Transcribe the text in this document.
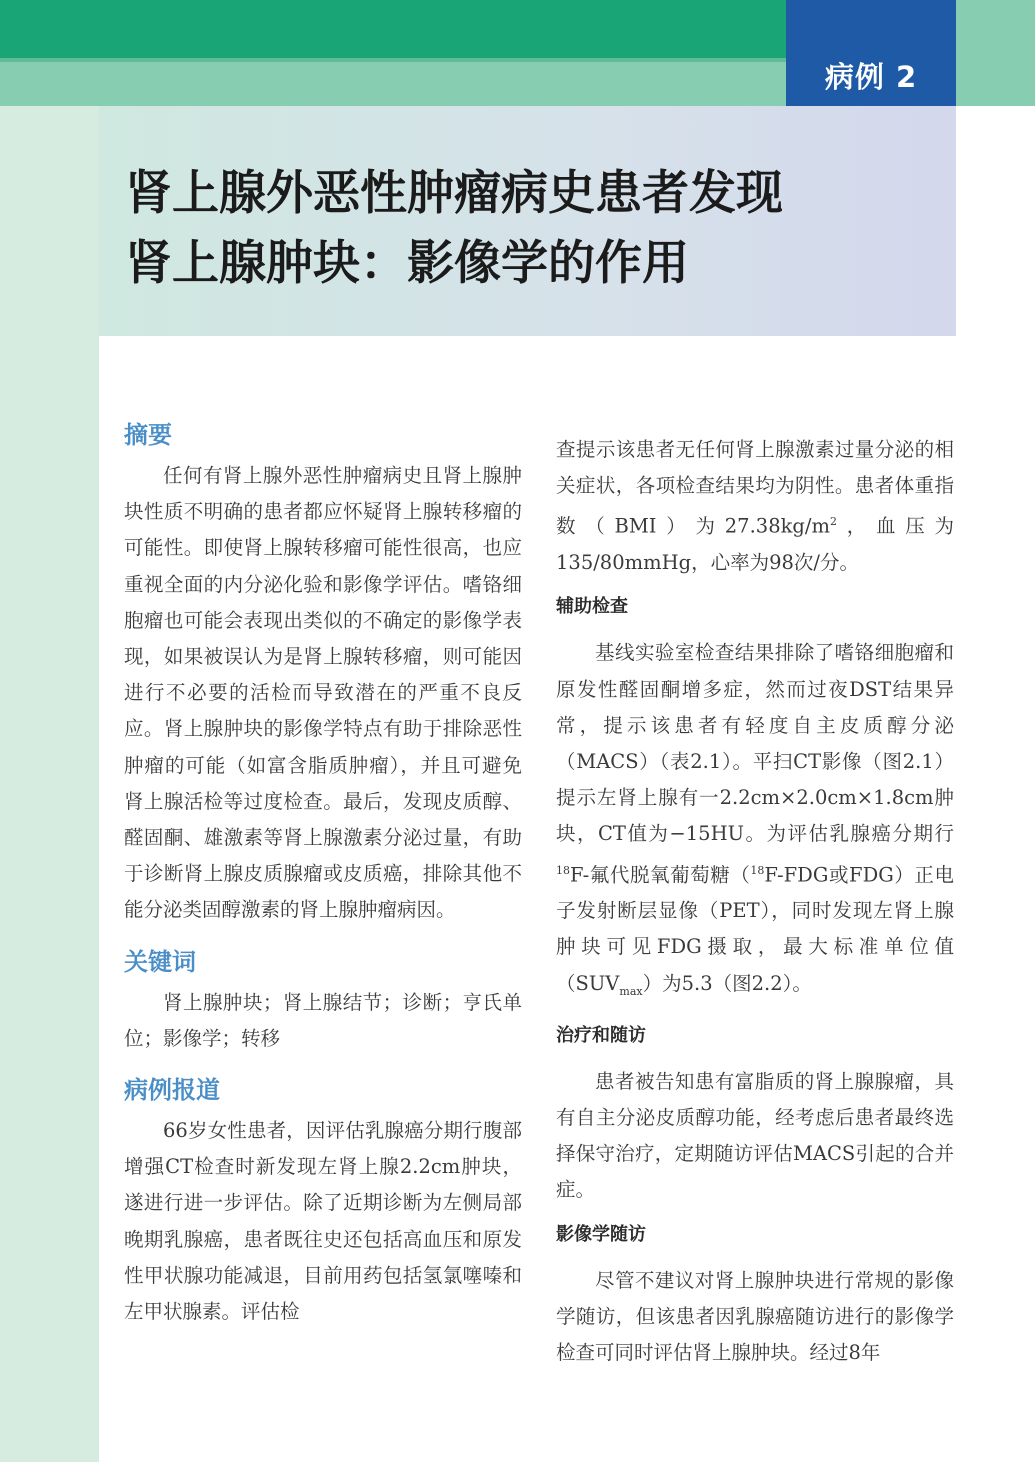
病例 2
肾上腺外恶性肿瘤病史患者发现
肾上腺肿块：影像学的作用
摘要

任何有肾上腺外恶性肿瘤病史且肾上腺肿块性质不明确的患者都应怀疑肾上腺转移瘤的可能性。即使肾上腺转移瘤可能性很高，也应重视全面的内分泌化验和影像学评估。嗜铬细胞瘤也可能会表现出类似的不确定的影像学表现，如果被误认为是肾上腺转移瘤，则可能因进行不必要的活检而导致潜在的严重不良反应。肾上腺肿块的影像学特点有助于排除恶性肿瘤的可能（如富含脂质肿瘤），并且可避免肾上腺活检等过度检查。最后，发现皮质醇、醛固酮、雄激素等肾上腺激素分泌过量，有助于诊断肾上腺皮质腺瘤或皮质癌，排除其他不能分泌类固醇激素的肾上腺肿瘤病因。

关键词

肾上腺肿块；肾上腺结节；诊断；亨氏单位；影像学；转移

病例报道

66岁女性患者，因评估乳腺癌分期行腹部增强CT检查时新发现左肾上腺2.2cm肿块，遂进行进一步评估。除了近期诊断为左侧局部晚期乳腺癌，患者既往史还包括高血压和原发性甲状腺功能减退，目前用药包括氢氯噻嗪和左甲状腺素。评估检

查提示该患者无任何肾上腺激素过量分泌的相关症状，各项检查结果均为阴性。患者体重指数（BMI）为$27.38kg/m^2$，血压为135/80mmHg，心率为98次/分。

辅助检查

基线实验室检查结果排除了嗜铬细胞瘤和原发性醛固酮增多症，然而过夜DST结果异常，提示该患者有轻度自主皮质醇分泌（MACS）（表2.1）。平扫CT影像（图2.1）提示左肾上腺有一2.2cm×2.0cm×1.8cm肿块，CT值为−15HU。为评估乳腺癌分期行$^{18}$F-氟代脱氧葡萄糖（$^{18}$F-FDG或FDG）正电子发射断层显像（PET），同时发现左肾上腺肿块可见FDG摄取，最大标准单位值$(SUV_{max})$为5.3（图2.2）。

治疗和随访

患者被告知患有富脂质的肾上腺腺瘤，具有自主分泌皮质醇功能，经考虑后患者最终选择保守治疗，定期随访评估MACS引起的合并症。

影像学随访

尽管不建议对肾上腺肿块进行常规的影像学随访，但该患者因乳腺癌随访进行的影像学检查可同时评估肾上腺肿块。经过8年
